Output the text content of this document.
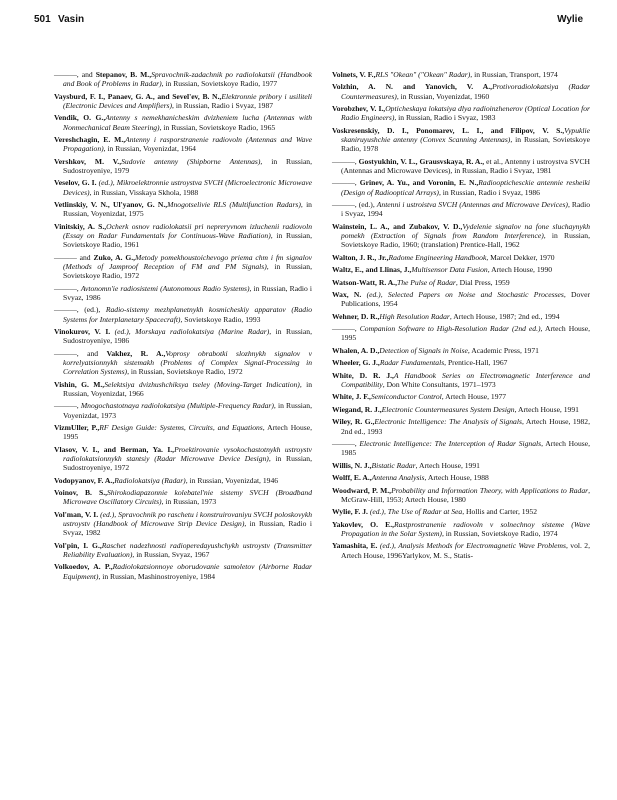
501 Vasin	Wylie

———, and Stepanov, B. M.,Spravochnik-zadachnik po radiolokatsii (Handbook and Book of Problems in Radar), in Russian, Sovietskoye Radio, 1977

Vaysburd, F. I., Panaev, G. A., and Sevel'ev, B. N.,Elektronnie pribory i usiliteli (Electronic Devices and Amplifiers), in Russian, Radio i Svyaz, 1987

Vendik, O. G.,Antenny s nemekhanicheskim dvizheniem lucha (Antennas with Nonmechanical Beam Steering), in Russian, Sovietskoye Radio, 1965

Vereshchagin, E. M.,Antenny i rasporstranenie radiovoln (Antennas and Wave Propagation), in Russian, Voyenizdat, 1964

Vershkov, M. V.,Sudovie antenny (Shipborne Antennas), in Russian, Sudostroyeniye, 1979

Veselov, G. I. (ed.), Mikroelektronnie ustroystva SVCH (Microelectronic Microwave Devices), in Russian, Visskaya Skhola, 1988

Vetlinskiy, V. N., Ul'yanov, G. N.,Mnogotselivie RLS (Multifunction Radars), in Russian, Voyenizdat, 1975

Vinitskiy, A. S.,Ocherk osnov radiolokatsii pri nepreryvnom izluchenii radiovoln (Essay on Radar Fundamentals for Continuous-Wave Radiation), in Russian, Sovietskoye Radio, 1961

——— and Zuko, A. G.,Metody pomekhoustoichevogo priema chm i fm signalov (Methods of Jamproof Reception of FM and PM Signals), in Russian, Sovietskoye Radio, 1972

———, Avtonomn'ie radiosistemi (Autonomous Radio Systems), in Russian, Radio i Svyaz, 1986

———, (ed.), Radio-sistemy mezhplanetnykh kosmicheskiy apparatov (Radio Systems for Interplanetary Spacecraft), Sovietskoye Radio, 1993

Vinokurov, V. I. (ed.), Morskaya radiolokatsiya (Marine Radar), in Russian, Sudostroyeniye, 1986

———, and Vakhez, R. A.,Voprosy obrabotki slozhnykh signalov v korrelyatsionnykh sistemakh (Problems of Complex Signal-Processing in Correlation Systems), in Russian, Sovietskoye Radio, 1972

Vishin, G. M.,Selektsiya dvizhushchiksya tseley (Moving-Target Indication), in Russian, Voyenizdat, 1966

———, Mnogochastotnaya radiolokatsiya (Multiple-Frequency Radar), in Russian, Voyenizdat, 1973

VizmUller, P.,RF Design Guide: Systems, Circuits, and Equations, Artech House, 1995

Vlasov, V. I., and Berman, Ya. I.,Proektirovanie vysokochastotnykh ustroystv radiolokatsionnykh stantsiy (Radar Microwave Device Design), in Russian, Sudostroyeniye, 1972

Vodopyanov, F. A.,Radiolokatsiya (Radar), in Russian, Voyenizdat, 1946

Voinov, B. S.,Shirokodiapazonnie kolebatel'nie sistemy SVCH (Broadband Microwave Oscillatory Circuits), in Russian, 1973

Vol'man, V. I. (ed.), Spravochnik po raschetu i konstruirovaniyu SVCH poloskovykh ustroystv (Handbook of Microwave Strip Device Design), in Russian, Radio i Svyaz, 1982

Vol'pin, I. G.,Raschet nadezhnosti radioperedayushchykh ustroystv (Transmitter Reliability Evaluation), in Russian, Svyaz, 1967

Volkoedov, A. P.,Radiolokatsionnoye oborudovanie samoletov (Airborne Radar Equipment), in Russian, Mashinostroyeniye, 1984

Volnets, V. F.,RLS "Okean" ("Okean" Radar), in Russian, Transport, 1974

Volzhin, A. N. and Yanovich, V. A.,Protivoradiolokatsiya (Radar Countermeasures), in Russian, Voyenizdat, 1960

Vorobzhev, V. I.,Opticheskaya lokatsiya dlya radioinzhenerov (Optical Location for Radio Engineers), in Russian, Radio i Svyaz, 1983

Voskresenskiy, D. I., Ponomarev, L. I., and Filipov, V. S.,Vypuklie skaniruyushchie antenny (Convex Scanning Antennas), in Russian, Sovietskoye Radio, 1978

———, Gostyukhin, V. L., Grausvskaya, R. A., et al., Antenny i ustroystva SVCH (Antennas and Microwave Devices), in Russian, Radio i Svyaz, 1981

———, Grinev, A. Yu., and Voronin, E. N.,Radiooptichesckie antennie resheiki (Design of Radiooptical Arrays), in Russian, Radio i Svyaz, 1986

———, (ed.), Antenni i ustroistva SVCH (Antennas and Microwave Devices), Radio i Svyaz, 1994

Wainstein, L. A., and Zubakov, V. D.,Vydelenie signalov na fone sluchaynykh pomekh (Extraction of Signals from Random Interference), in Russian, Sovietskoye Radio, 1960; (translation) Prentice-Hall, 1962

Walton, J. R., Jr.,Radome Engineering Handbook, Marcel Dekker, 1970

Waltz, E., and Llinas, J.,Multisensor Data Fusion, Artech House, 1990

Watson-Watt, R. A.,The Pulse of Radar, Dial Press, 1959

Wax, N. (ed.), Selected Papers on Noise and Stochastic Processes, Dover Publications, 1954

Wehner, D. R.,High Resolution Radar, Artech House, 1987; 2nd ed., 1994

———, Companion Software to High-Resolution Radar (2nd ed.), Artech House, 1995

Whalen, A. D.,Detection of Signals in Noise, Academic Press, 1971

Wheeler, G. J.,Radar Fundamentals, Prentice-Hall, 1967

White, D. R. J.,A Handbook Series on Electromagnetic Interference and Compatibility, Don White Consultants, 1971–1973

White, J. F.,Semiconductor Control, Artech House, 1977

Wiegand, R. J.,Electronic Countermeasures System Design, Artech House, 1991

Wiley, R. G.,Electronic Intelligence: The Analysis of Signals, Artech House, 1982, 2nd ed., 1993

———, Electronic Intelligence: The Interception of Radar Signals, Artech House, 1985

Willis, N. J.,Bistatic Radar, Artech House, 1991

Wolff, E. A.,Antenna Analysis, Artech House, 1988

Woodward, P. M.,Probability and Information Theory, with Applications to Radar, McGraw-Hill, 1953; Artech House, 1980

Wylie, F. J. (ed.), The Use of Radar at Sea, Hollis and Carter, 1952

Yakovlev, O. E.,Rastprostranenie radiovoln v solnechnoy sisteme (Wave Propagation in the Solar System), in Russian, Sovietskoye Radio, 1974

Yamashita, E. (ed.), Analysis Methods for Electromagnetic Wave Problems, vol. 2, Artech House, 1996Yarlykov, M. S., Statis-
